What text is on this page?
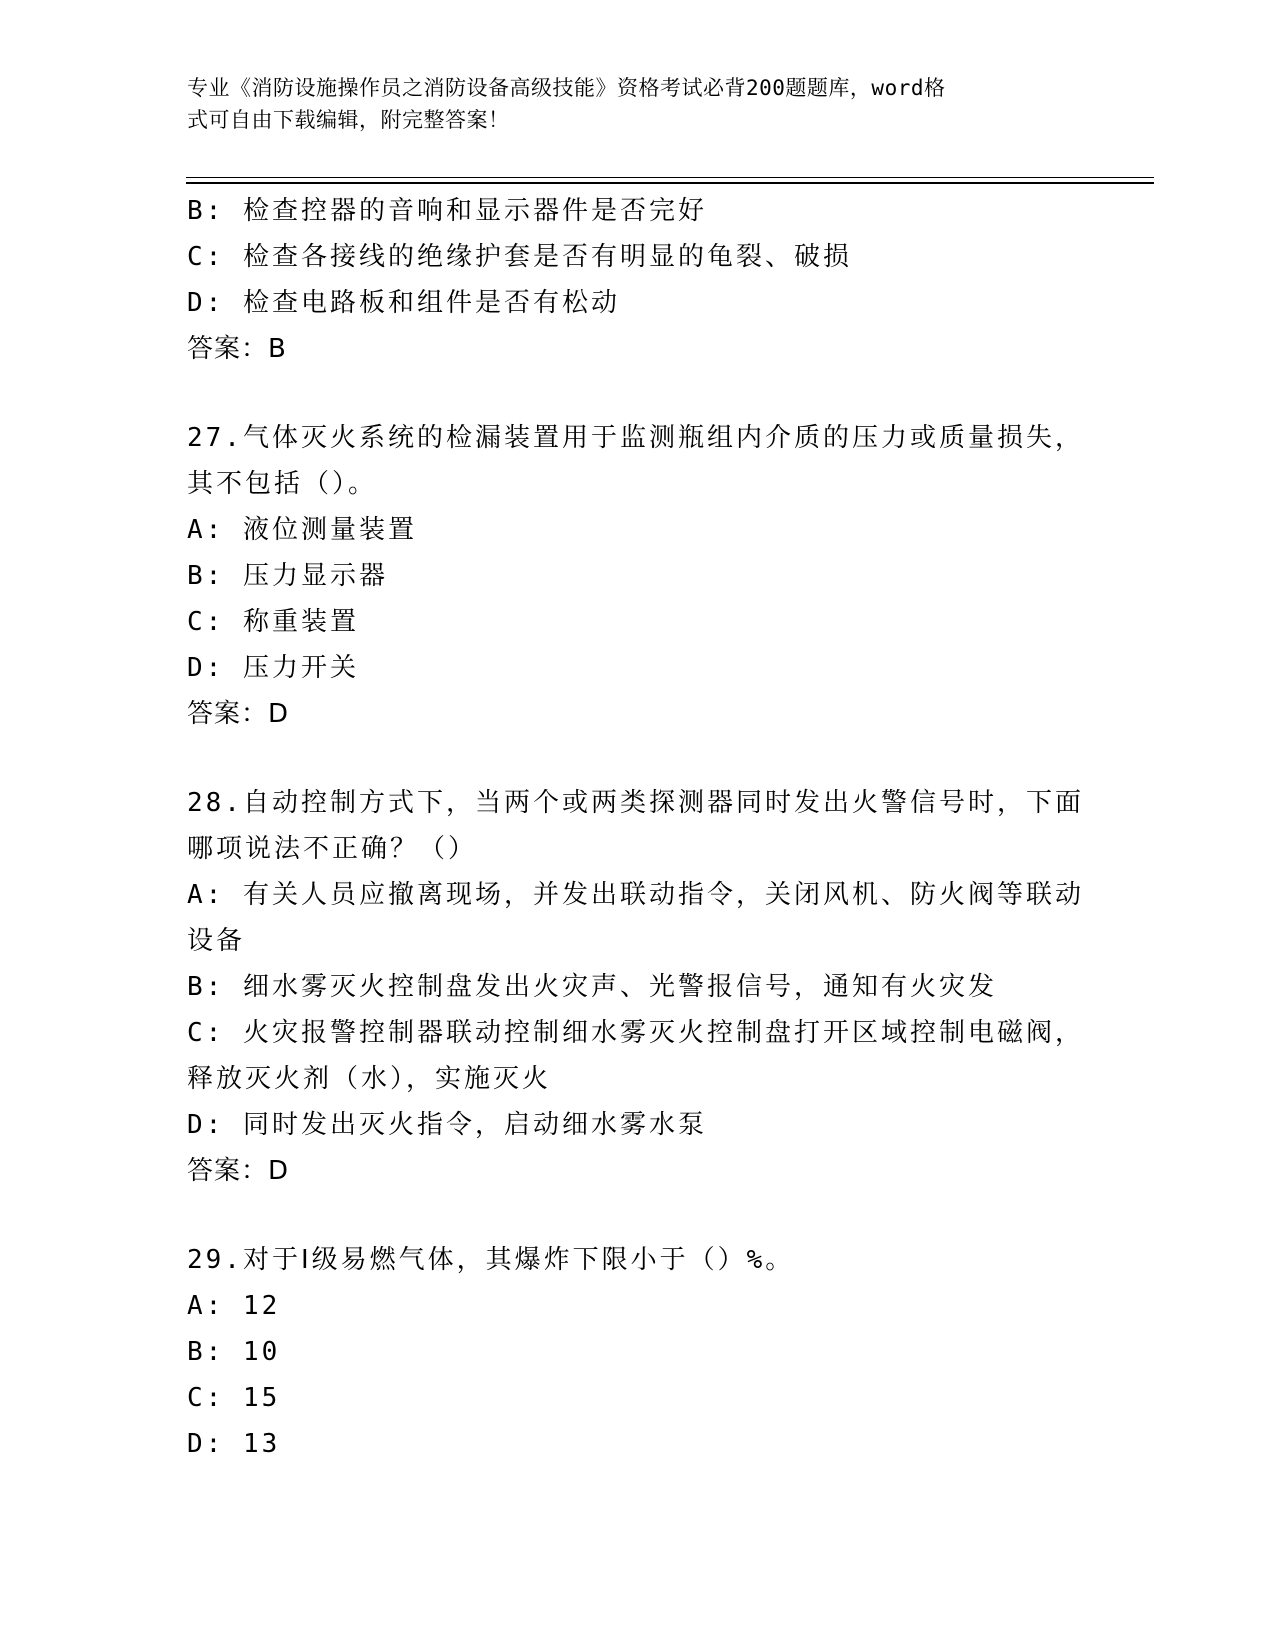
专业《消防设施操作员之消防设备高级技能》资格考试必背200题题库，word格
式可自由下载编辑，附完整答案！
B: 检查控器的音响和显示器件是否完好
C: 检查各接线的绝缘护套是否有明显的龟裂、破损
D: 检查电路板和组件是否有松动
答案：B
27.气体灭火系统的检漏装置用于监测瓶组内介质的压力或质量损失，
其不包括（）。
A: 液位测量装置
B: 压力显示器
C: 称重装置
D: 压力开关
答案：D
28.自动控制方式下，当两个或两类探测器同时发出火警信号时，下面
哪项说法不正确？（）
A: 有关人员应撤离现场，并发出联动指令，关闭风机、防火阀等联动
设备
B: 细水雾灭火控制盘发出火灾声、光警报信号，通知有火灾发
C: 火灾报警控制器联动控制细水雾灭火控制盘打开区域控制电磁阀，
释放灭火剂（水），实施灭火
D: 同时发出灭火指令，启动细水雾水泵
答案：D
29.对于Ⅰ级易燃气体，其爆炸下限小于（）%。
A: 12
B: 10
C: 15
D: 13
